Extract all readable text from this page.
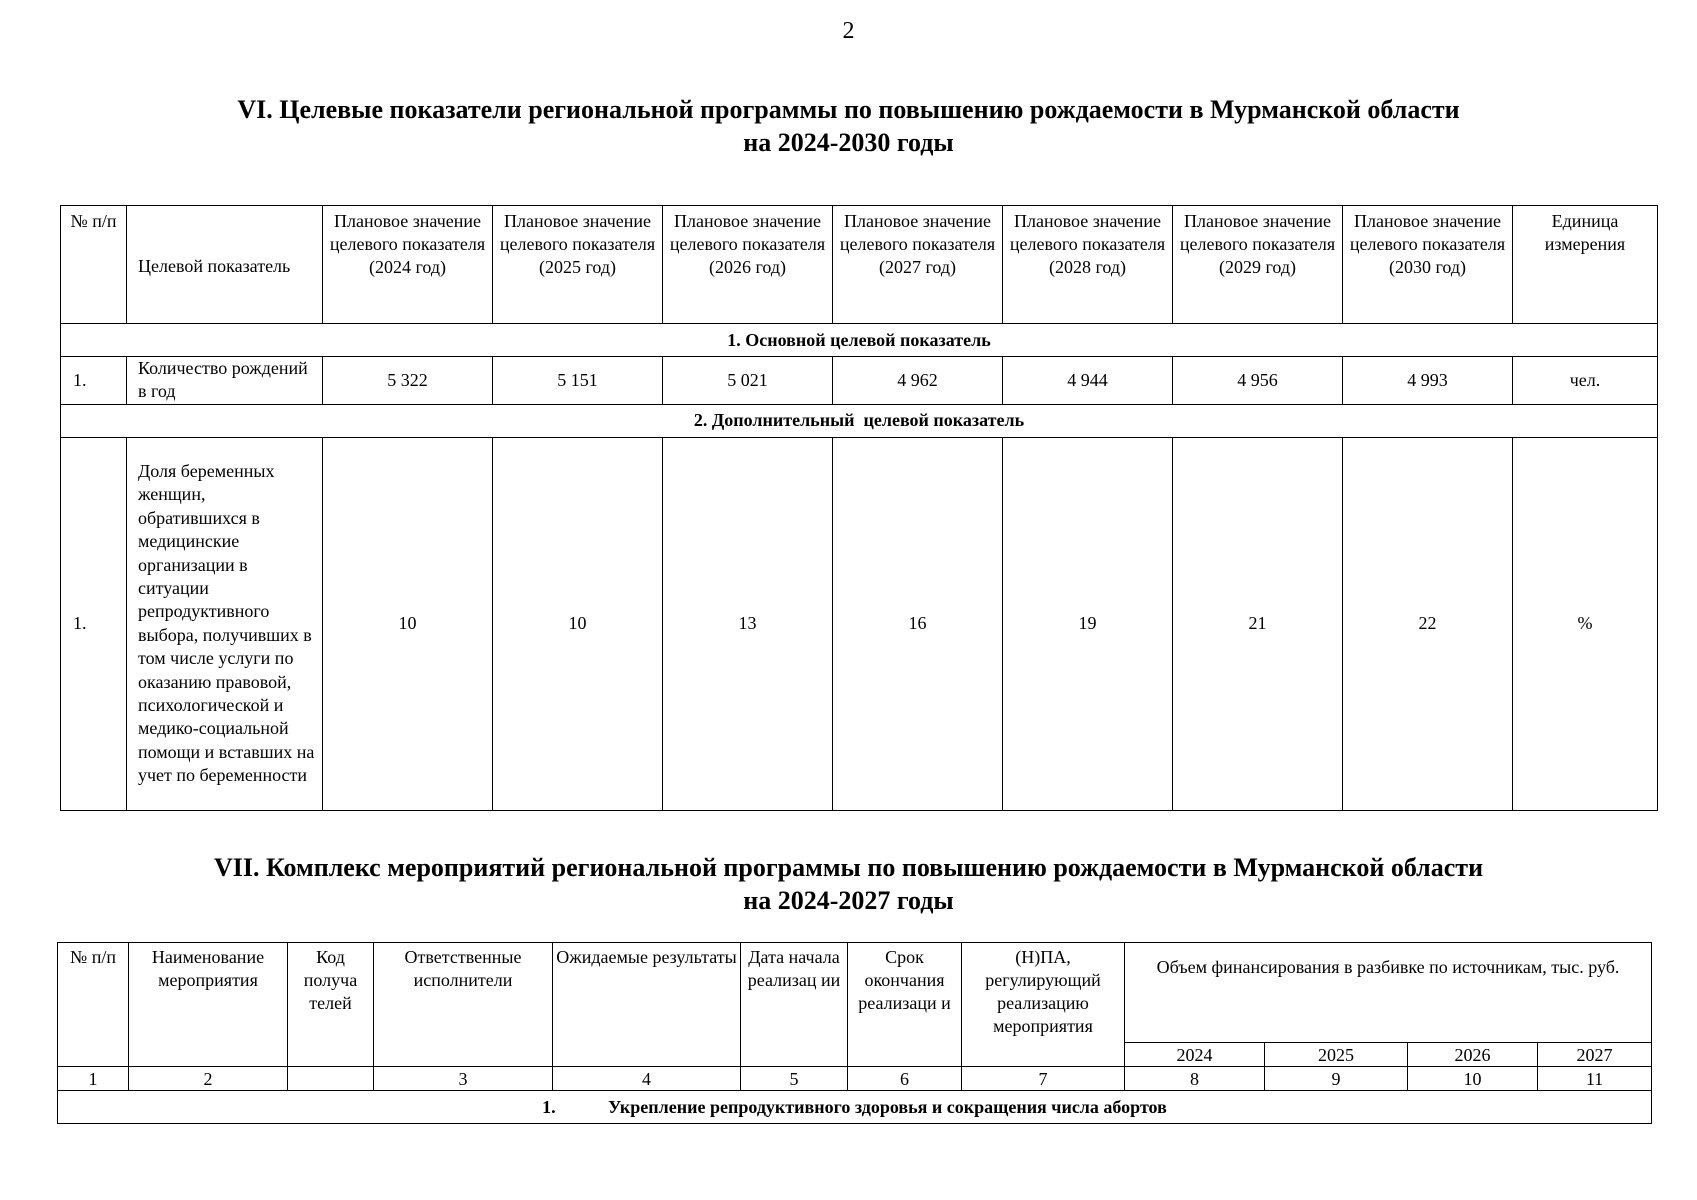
2
VI. Целевые показатели региональной программы по повышению рождаемости в Мурманской области
на 2024-2030 годы
№ п/п	Целевой показатель	Плановое значение целевого показателя (2024 год)	Плановое значение целевого показателя (2025 год)	Плановое значение целевого показателя (2026 год)	Плановое значение целевого показателя (2027 год)	Плановое значение целевого показателя (2028 год)	Плановое значение целевого показателя (2029 год)	Плановое значение целевого показателя (2030 год)	Единица измерения
1. Основной целевой показатель									
1.	Количество рождений в год	5 322	5 151	5 021	4 962	4 944	4 956	4 993	чел.
2. Дополнительный  целевой показатель									
1.	Доля беременных женщин, обратившихся в медицинские организации в ситуации репродуктивного выбора, получивших в том числе услуги по оказанию правовой, психологической и медико-социальной помощи и вставших на учет по беременности	10	10	13	16	19	21	22	%
VII. Комплекс мероприятий региональной программы по повышению рождаемости в Мурманской области
на 2024-2027 годы
№ п/п	Наименование мероприятия	Код получа телей	Ответственные исполнители	Ожидаемые результаты	Дата начала реализац ии	Срок окончания реализаци и	(Н)ПА, регулирующий реализацию мероприятия	Объем финансирования в разбивке по источникам, тыс. руб.			
								2024	2025	2026	2027
1	2		3	4	5	6	7	8	9	10	11
1. Укрепление репродуктивного здоровья и сокращения числа абортов											
